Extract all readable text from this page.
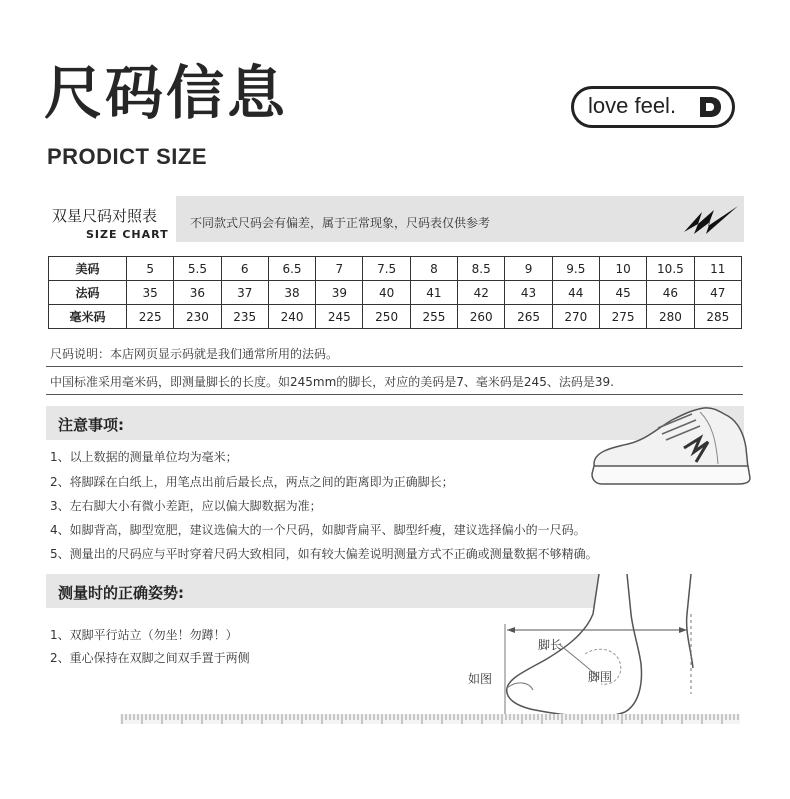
尺码信息
PRODICT SIZE
love feel.
双星尺码对照表
SIZE CHART
不同款式尺码会有偏差，属于正常现象，尺码表仅供参考
美码	5	5.5	6	6.5	7	7.5	8	8.5	9	9.5	10	10.5	11
法码	35	36	37	38	39	40	41	42	43	44	45	46	47
毫米码	225	230	235	240	245	250	255	260	265	270	275	280	285
尺码说明：本店网页显示码就是我们通常所用的法码。
中国标准采用毫米码，即测量脚长的长度。如245mm的脚长，对应的美码是7、毫米码是245、法码是39.
注意事项:
1、以上数据的测量单位均为毫米；
2、将脚踩在白纸上，用笔点出前后最长点，两点之间的距离即为正确脚长；
3、左右脚大小有微小差距，应以偏大脚数据为准；
4、如脚背高，脚型宽肥，建议选偏大的一个尺码，如脚背扁平、脚型纤瘦，建议选择偏小的一尺码。
5、测量出的尺码应与平时穿着尺码大致相同，如有较大偏差说明测量方式不正确或测量数据不够精确。
测量时的正确姿势:
1、双脚平行站立（勿坐！勿蹲！）
2、重心保持在双脚之间双手置于两侧
脚长
脚围
如图
